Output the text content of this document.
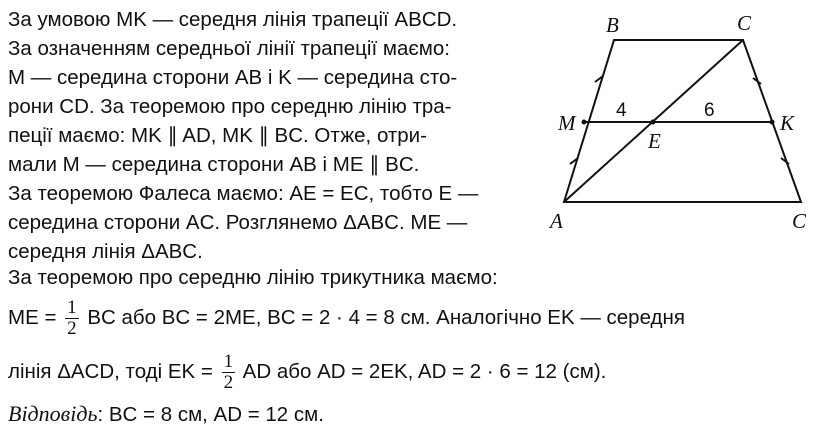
За умовою MK — середня лінія трапеції ABCD.
За означенням середньої лінії трапеції маємо:
M — середина сторони AB і K — середина сто-
рони CD. За теоремою про середню лінію тра-
пеції маємо: MK ∥ AD, MK ∥ BC. Отже, отри-
мали M — середина сторони AB і ME ∥ BC.
За теоремою Фалеса маємо: AE = EC, тобто E —
середина сторони AC. Розглянемо ΔABC. ME —
середня лінія ΔABC.
За теоремою про середню лінію трикутника маємо:
ME = $\frac{1}{2}$ BC або BC = 2ME, BC = 2 · 4 = 8 см. Аналогічно EK — середня
лінія ΔACD, тоді EK = $\frac{1}{2}$ AD або AD = 2EK, AD = 2 · 6 = 12 (см).
Відповідь: BC = 8 см, AD = 12 см.
B	C
M	K
E
A	C
4	6
